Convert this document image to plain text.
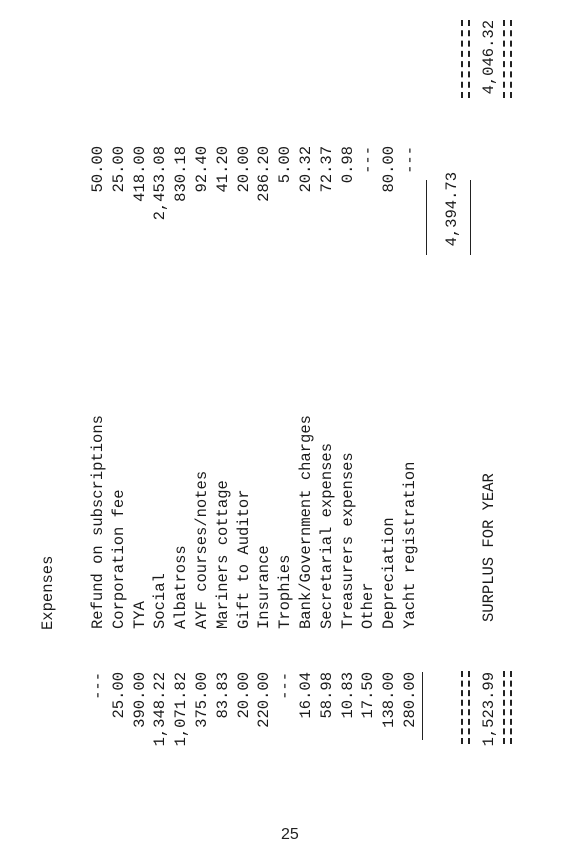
Expenses
---
Refund on subscriptions
50.00
25.00
Corporation fee
25.00
390.00
TYA
418.00
1,348.22
Social
2,453.08
1,071.82
Albatross
830.18
375.00
AYF courses/notes
92.40
83.83
Mariners cottage
41.20
20.00
Gift to Auditor
20.00
220.00
Insurance
286.20
---
Trophies
5.00
16.04
Bank/Government charges
20.32
58.98
Secretarial expenses
72.37
10.83
Treasurers expenses
0.98
17.50
Other
---
138.00
Depreciation
80.00
280.00
Yacht registration
---
4,394.73
1,523.99
SURPLUS FOR YEAR
4,046.32
25
